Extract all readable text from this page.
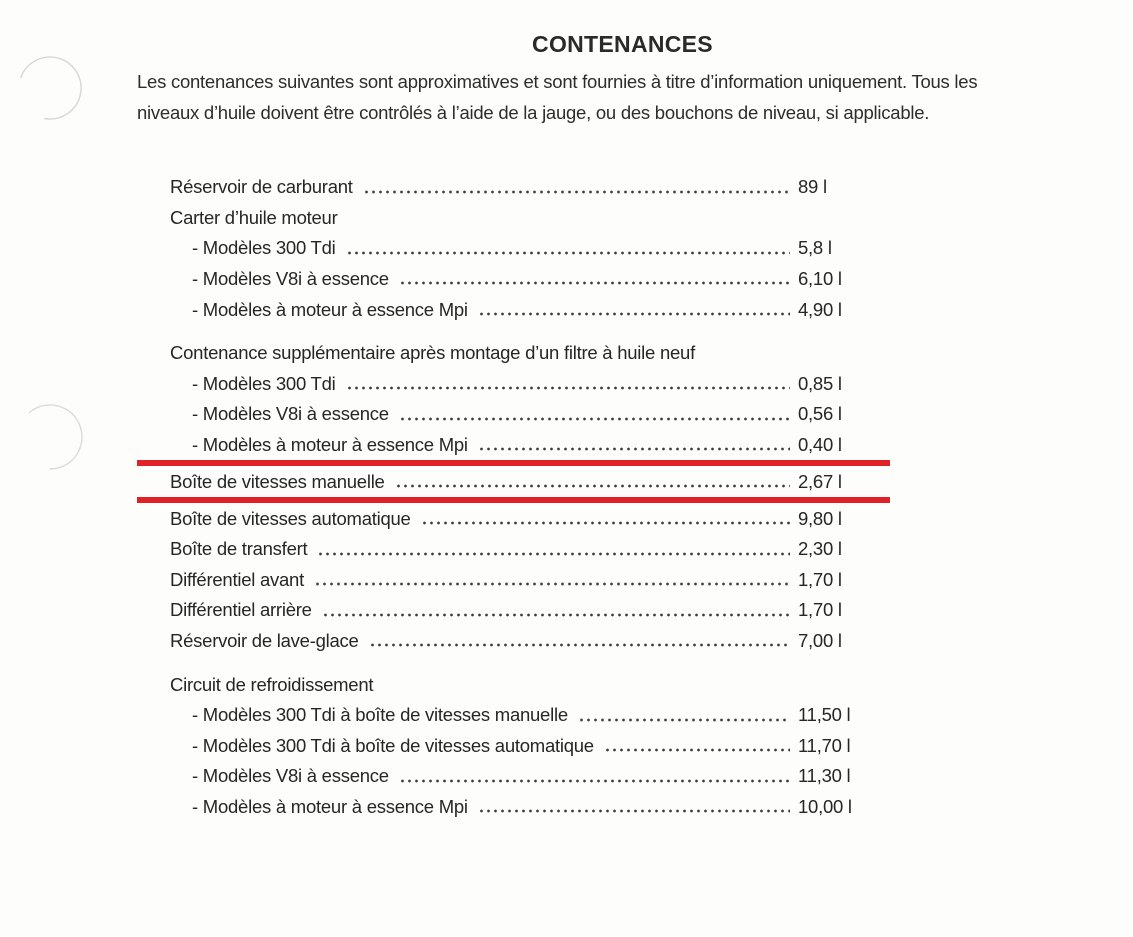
CONTENANCES
Les contenances suivantes sont approximatives et sont fournies à titre d’information uniquement. Tous les
niveaux d’huile doivent être contrôlés à l’aide de la jauge, ou des bouchons de niveau, si applicable.
Réservoir de carburant	89 l
Carter d’huile moteur
- Modèles 300 Tdi	5,8 l
- Modèles V8i à essence	6,10 l
- Modèles à moteur à essence Mpi	4,90 l
Contenance supplémentaire après montage d’un filtre à huile neuf
- Modèles 300 Tdi	0,85 l
- Modèles V8i à essence	0,56 l
- Modèles à moteur à essence Mpi	0,40 l
Boîte de vitesses manuelle	2,67 l
Boîte de vitesses automatique	9,80 l
Boîte de transfert	2,30 l
Différentiel avant	1,70 l
Différentiel arrière	1,70 l
Réservoir de lave-glace	7,00 l
Circuit de refroidissement
- Modèles 300 Tdi à boîte de vitesses manuelle	11,50 l
- Modèles 300 Tdi à boîte de vitesses automatique	11,70 l
- Modèles V8i à essence	11,30 l
- Modèles à moteur à essence Mpi	10,00 l
